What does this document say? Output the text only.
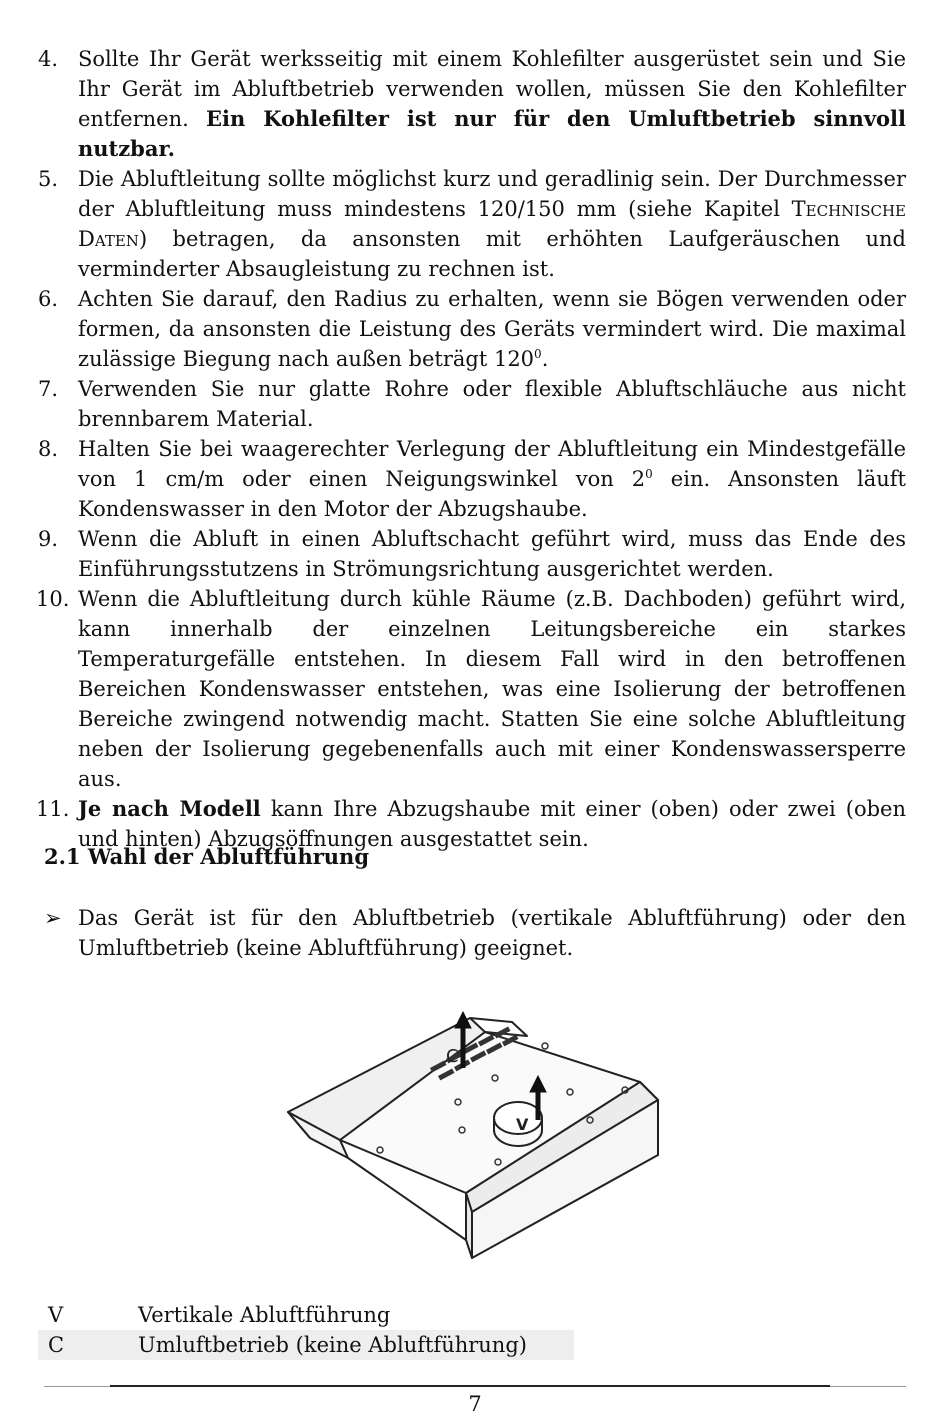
4. Sollte Ihr Gerät werksseitig mit einem Kohlefilter ausgerüstet sein und Sie Ihr Gerät im Abluftbetrieb verwenden wollen, müssen Sie den Kohlefilter entfernen. Ein Kohlefilter ist nur für den Umluftbetrieb sinnvoll nutzbar.
5. Die Abluftleitung sollte möglichst kurz und geradlinig sein. Der Durchmesser der Abluftleitung muss mindestens 120/150 mm (siehe Kapitel Technische Daten) betragen, da ansonsten mit erhöhten Laufgeräuschen und verminderter Absaugleistung zu rechnen ist.
6. Achten Sie darauf, den Radius zu erhalten, wenn sie Bögen verwenden oder formen, da ansonsten die Leistung des Geräts vermindert wird. Die maximal zulässige Biegung nach außen beträgt $120^0$.
7. Verwenden Sie nur glatte Rohre oder flexible Abluftschläuche aus nicht brennbarem Material.
8. Halten Sie bei waagerechter Verlegung der Abluftleitung ein Mindestgefälle von 1 cm/m oder einen Neigungswinkel von $2^0$ ein. Ansonsten läuft Kondenswasser in den Motor der Abzugshaube.
9. Wenn die Abluft in einen Abluftschacht geführt wird, muss das Ende des Einführungsstutzens in Strömungsrichtung ausgerichtet werden.
10. Wenn die Abluftleitung durch kühle Räume (z.B. Dachboden) geführt wird, kann innerhalb der einzelnen Leitungsbereiche ein starkes Temperaturgefälle entstehen. In diesem Fall wird in den betroffenen Bereichen Kondenswasser entstehen, was eine Isolierung der betroffenen Bereiche zwingend notwendig macht. Statten Sie eine solche Abluftleitung neben der Isolierung gegebenenfalls auch mit einer Kondenswassersperre aus.
11. Je nach Modell kann Ihre Abzugshaube mit einer (oben) oder zwei (oben und hinten) Abzugsöffnungen ausgestattet sein.
2.1 Wahl der Abluftführung
➢ Das Gerät ist für den Abluftbetrieb (vertikale Abluftführung) oder den Umluftbetrieb (keine Abluftführung) geeignet.
C
V
V	Vertikale Abluftführung
C	Umluftbetrieb (keine Abluftführung)
7
